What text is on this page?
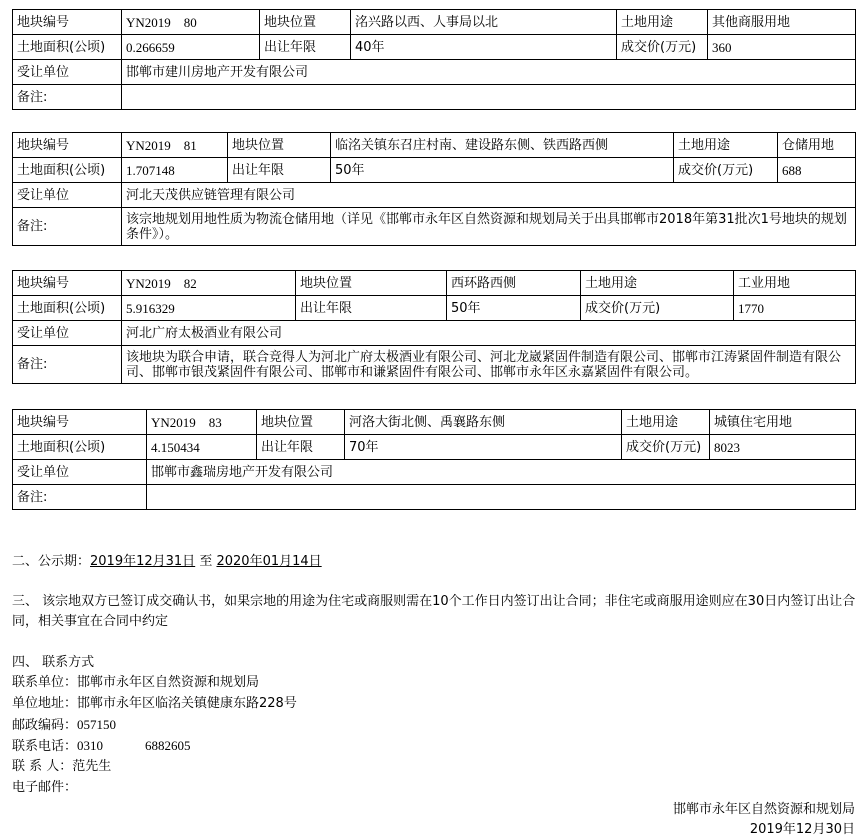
地块编号	YN2019　80	地块位置	洺兴路以西、人事局以北	土地用途	其他商服用地
土地面积(公顷)	0.266659	出让年限	40年	成交价(万元)	360
受让单位	邯郸市建川房地产开发有限公司				
备注:					
地块编号	YN2019　81	地块位置	临洺关镇东召庄村南、建设路东侧、铁西路西侧	土地用途	仓储用地
土地面积(公顷)	1.707148	出让年限	50年	成交价(万元)	688
受让单位	河北天茂供应链管理有限公司				
备注:	该宗地规划用地性质为物流仓储用地（详见《邯郸市永年区自然资源和规划局关于出具邯郸市2018年第31批次1号地块的规划条件》）。				
地块编号	YN2019　82	地块位置	西环路西侧	土地用途	工业用地
土地面积(公顷)	5.916329	出让年限	50年	成交价(万元)	1770
受让单位	河北广府太极酒业有限公司				
备注:	该地块为联合申请，联合竞得人为河北广府太极酒业有限公司、河北龙崴紧固件制造有限公司、邯郸市江涛紧固件制造有限公司、邯郸市银茂紧固件有限公司、邯郸市和谦紧固件有限公司、邯郸市永年区永嘉紧固件有限公司。				
地块编号	YN2019　83	地块位置	河洛大街北侧、禹襄路东侧	土地用途	城镇住宅用地
土地面积(公顷)	4.150434	出让年限	70年	成交价(万元)	8023
受让单位	邯郸市鑫瑞房地产开发有限公司				
备注:					
二、公示期：2019年12月31日 至 2020年01月14日
三、 该宗地双方已签订成交确认书，如果宗地的用途为住宅或商服则需在10个工作日内签订出让合同；非住宅或商服用途则应在30日内签订出让合同，相关事宜在合同中约定
四、 联系方式
联系单位：邯郸市永年区自然资源和规划局
单位地址：邯郸市永年区临洺关镇健康东路228号
邮政编码：057150
联系电话：0310	6882605
联 系 人：范先生
电子邮件：
邯郸市永年区自然资源和规划局
2019年12月30日
